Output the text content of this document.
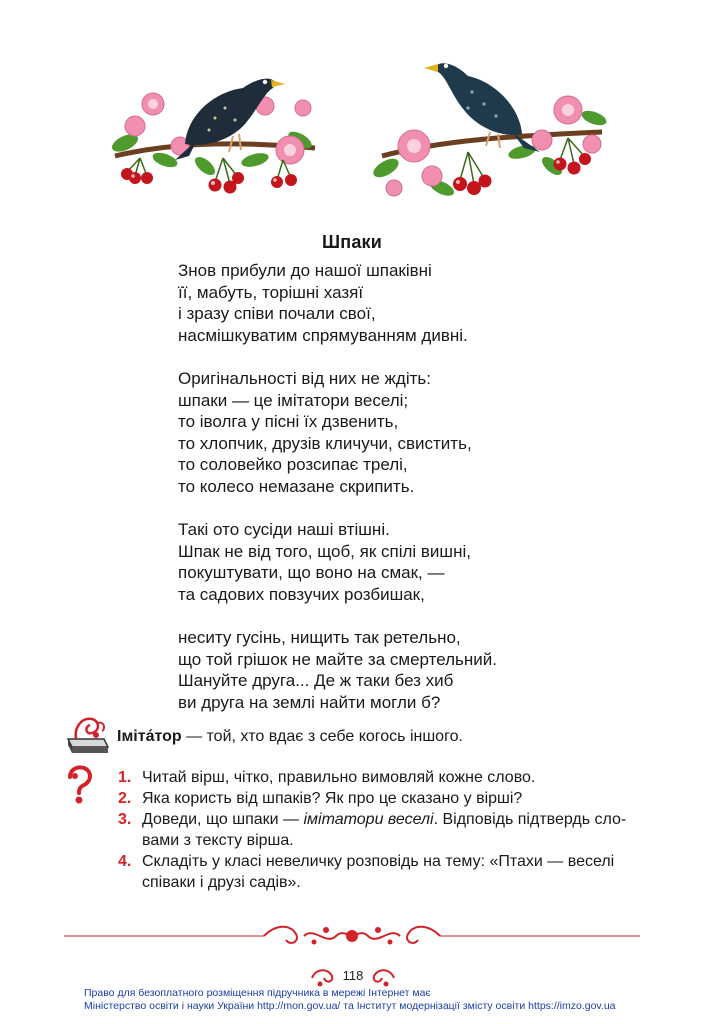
Шпаки
Знов прибули до нашої шпаківні
її, мабуть, торішні хазяї
і зразу співи почали свої,
насмішкуватим спрямуванням дивні.
Оригінальності від них не ждіть:
шпаки — це імітатори веселі;
то іволга у пісні їх дзвенить,
то хлопчик, друзів кличучи, свистить,
то соловейко розсипає трелі,
то колесо немазане скрипить.
Такі ото сусіди наші втішні.
Шпак не від того, щоб, як спілі вишні,
покуштувати, що воно на смак, —
та садових повзучих розбишак,
неситу гусінь, нищить так ретельно,
що той грішок не майте за смертельний.
Шануйте друга... Де ж таки без хиб
ви друга на землі найти могли б?
Іміта́тор — той, хто вдає з себе когось іншого.
1. Читай вірш, чітко, правильно вимовляй кожне слово.
2. Яка користь від шпаків? Як про це сказано у вірші?
3. Доведи, що шпаки — імітатори веселі. Відповідь підтвердь сло-
вами з тексту вірша.
4. Складіть у класі невеличку розповідь на тему: «Птахи — веселі
співаки і друзі садів».
118
Право для безоплатного розміщення підручника в мережі Інтернет має
Міністерство освіти і науки України http://mon.gov.ua/ та Інститут модернізації змісту освіти https://imzo.gov.ua
